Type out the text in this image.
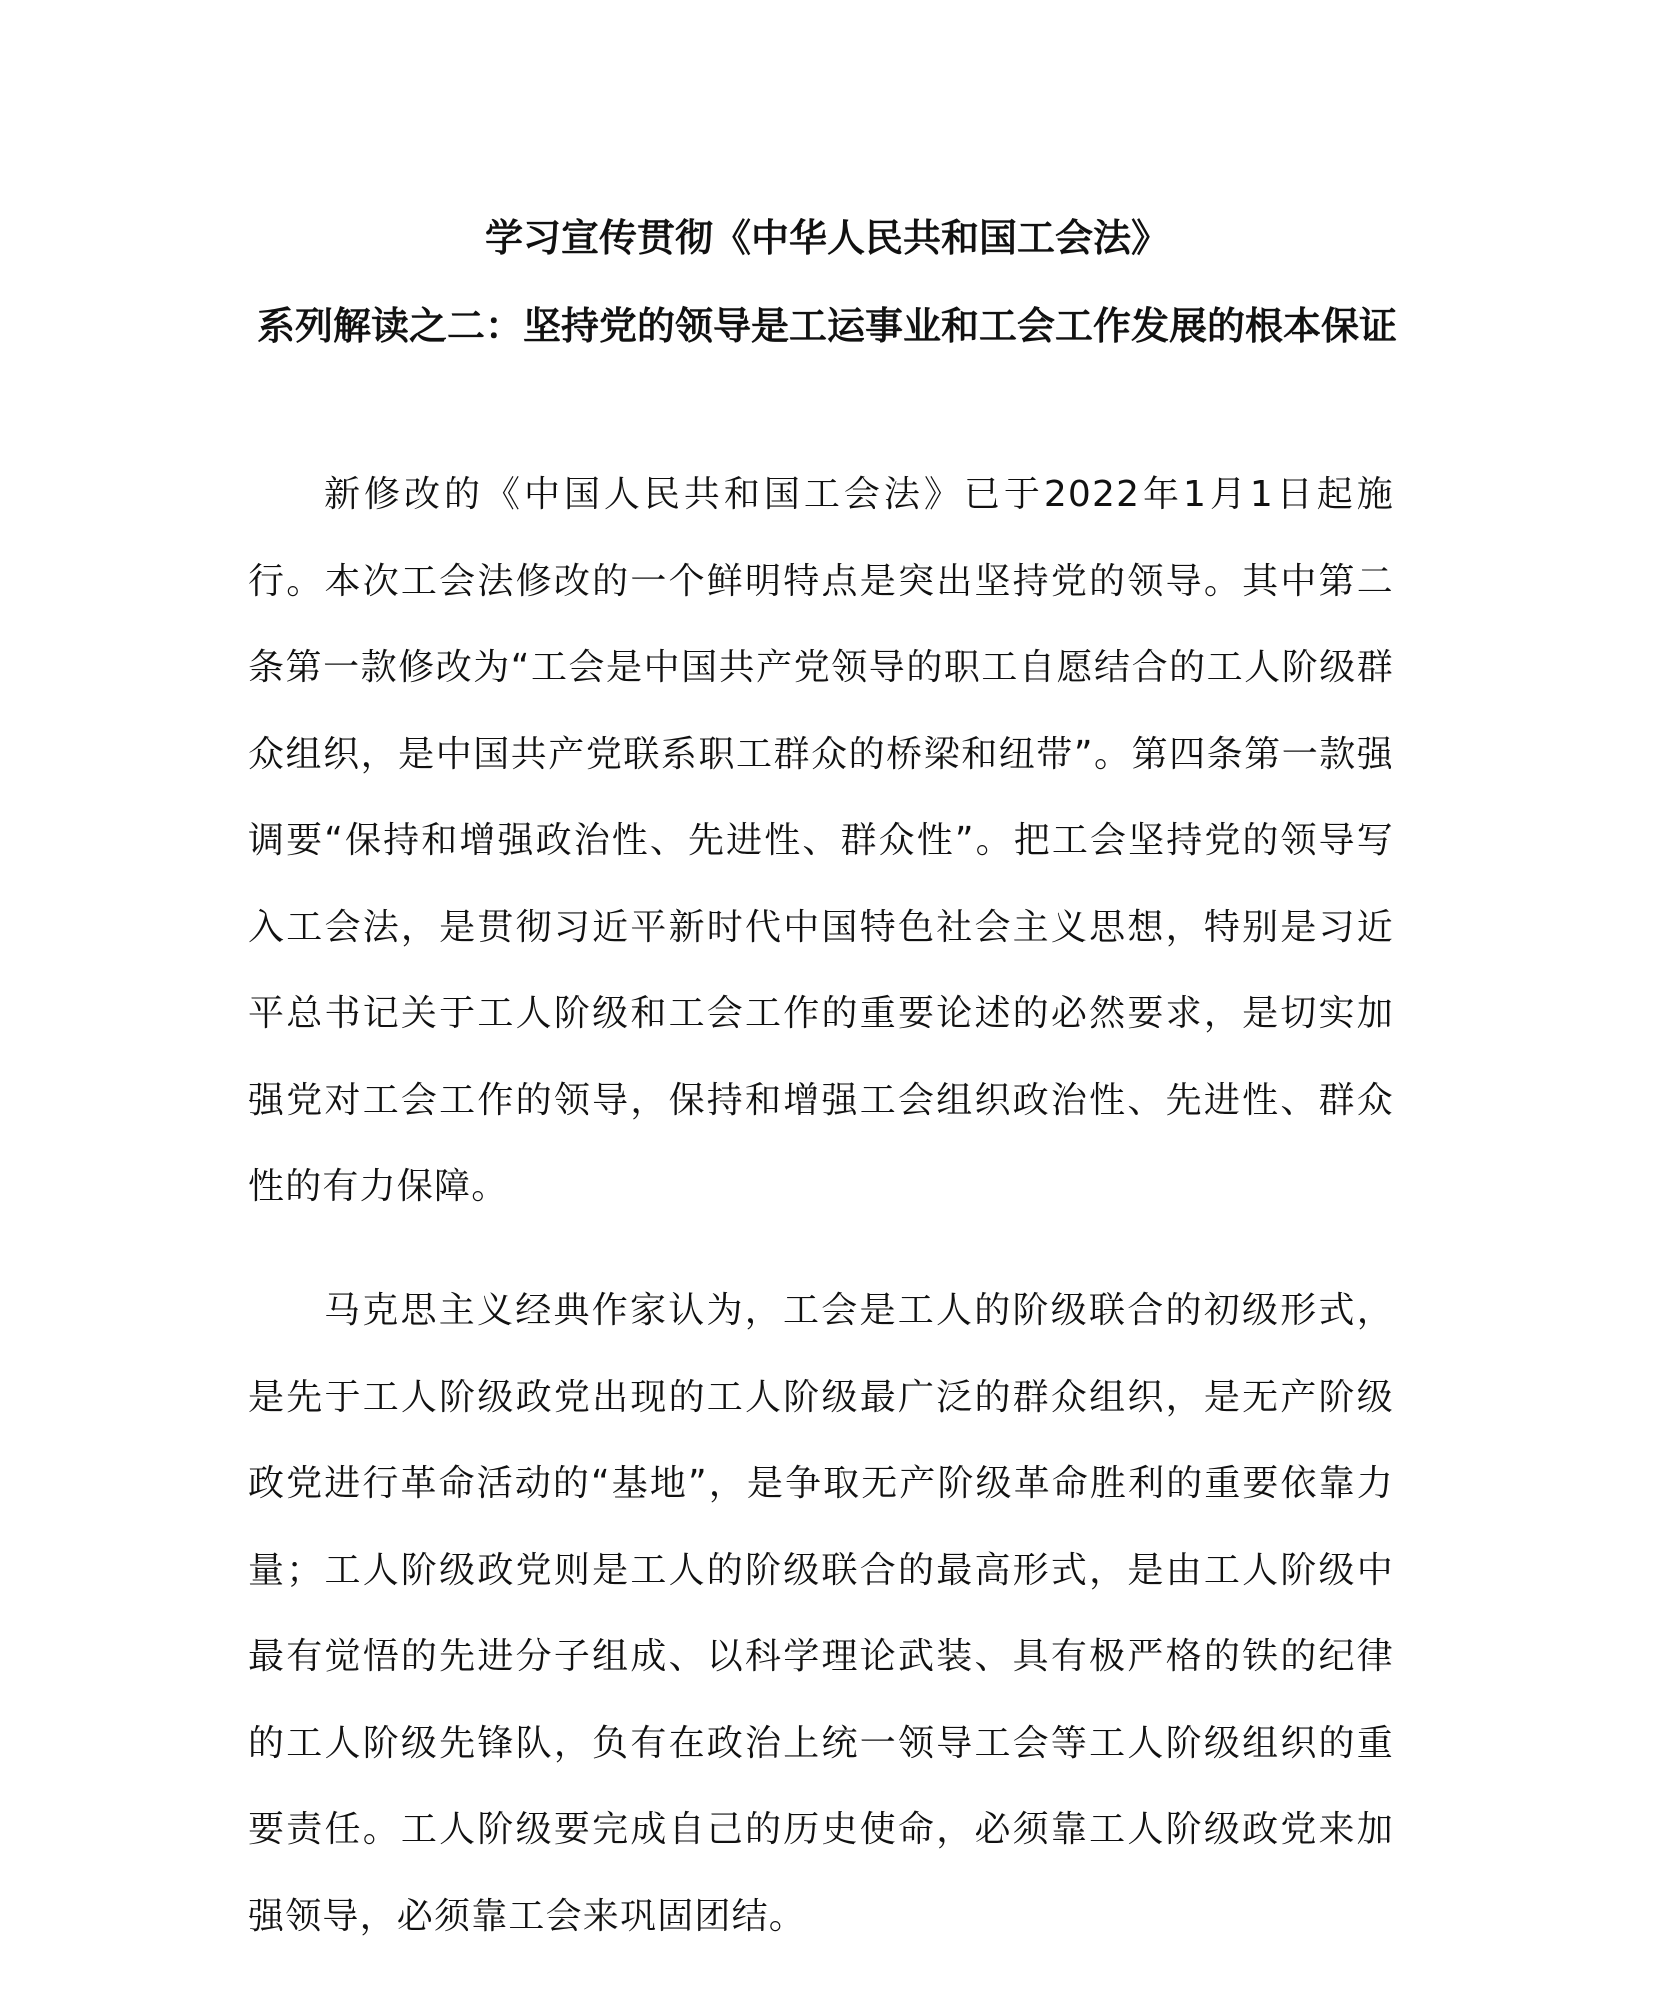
学习宣传贯彻《中华人民共和国工会法》
系列解读之二：坚持党的领导是工运事业和工会工作发展的根本保证

新修改的《中国人民共和国工会法》已于2022年1月1日起施行。本次工会法修改的一个鲜明特点是突出坚持党的领导。其中第二条第一款修改为“工会是中国共产党领导的职工自愿结合的工人阶级群众组织，是中国共产党联系职工群众的桥梁和纽带”。第四条第一款强调要“保持和增强政治性、先进性、群众性”。把工会坚持党的领导写入工会法，是贯彻习近平新时代中国特色社会主义思想，特别是习近平总书记关于工人阶级和工会工作的重要论述的必然要求，是切实加强党对工会工作的领导，保持和增强工会组织政治性、先进性、群众性的有力保障。

马克思主义经典作家认为，工会是工人的阶级联合的初级形式，是先于工人阶级政党出现的工人阶级最广泛的群众组织，是无产阶级政党进行革命活动的“基地”，是争取无产阶级革命胜利的重要依靠力量；工人阶级政党则是工人的阶级联合的最高形式，是由工人阶级中最有觉悟的先进分子组成、以科学理论武装、具有极严格的铁的纪律的工人阶级先锋队，负有在政治上统一领导工会等工人阶级组织的重要责任。工人阶级要完成自己的历史使命，必须靠工人阶级政党来加强领导，必须靠工会来巩固团结。
